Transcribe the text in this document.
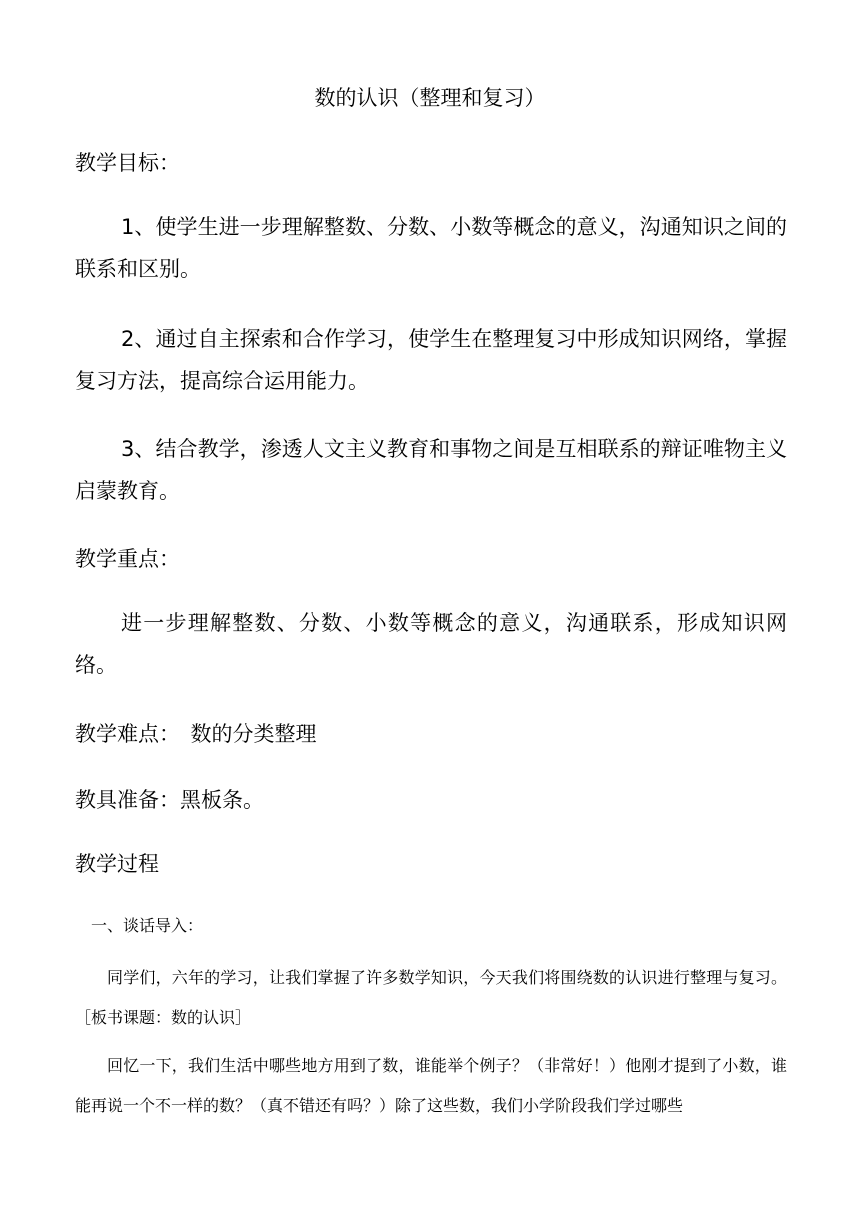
数的认识（整理和复习）
教学目标：
1、使学生进一步理解整数、分数、小数等概念的意义，沟通知识之间的联系和区别。
2、通过自主探索和合作学习，使学生在整理复习中形成知识网络，掌握复习方法，提高综合运用能力。
3、结合教学，渗透人文主义教育和事物之间是互相联系的辩证唯物主义启蒙教育。
教学重点：
进一步理解整数、分数、小数等概念的意义，沟通联系，形成知识网络。
教学难点：　数的分类整理
教具准备：黑板条。
教学过程
一、谈话导入：
同学们，六年的学习，让我们掌握了许多数学知识，今天我们将围绕数的认识进行整理与复习。［板书课题：数的认识］
回忆一下，我们生活中哪些地方用到了数，谁能举个例子？（非常好！）他刚才提到了小数，谁能再说一个不一样的数？（真不错还有吗？）除了这些数，我们小学阶段我们学过哪些
